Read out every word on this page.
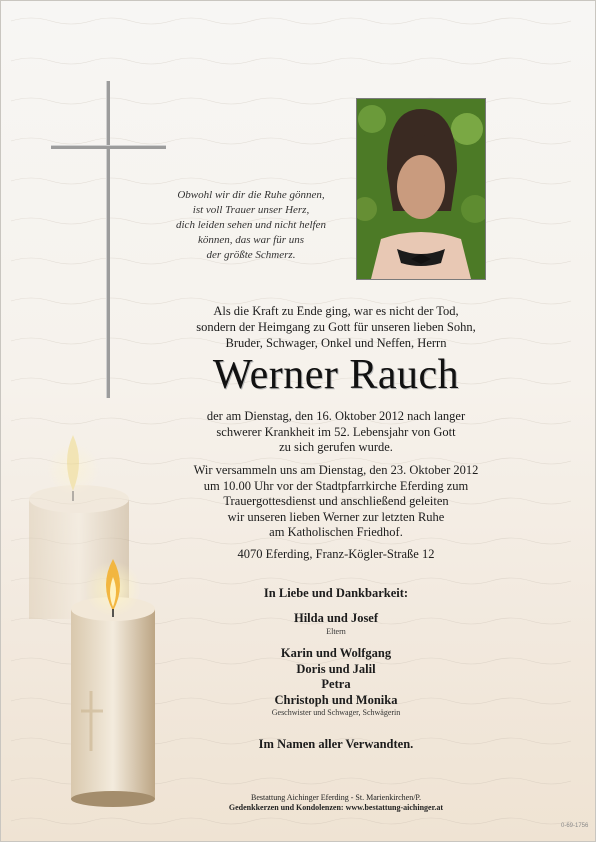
Obwohl wir dir die Ruhe gönnen,
ist voll Trauer unser Herz,
dich leiden sehen und nicht helfen
können, das war für uns
der größte Schmerz.
Als die Kraft zu Ende ging, war es nicht der Tod,
sondern der Heimgang zu Gott für unseren lieben Sohn,
Bruder, Schwager, Onkel und Neffen, Herrn
Werner Rauch
der am Dienstag, den 16. Oktober 2012 nach langer
schwerer Krankheit im 52. Lebensjahr von Gott
zu sich gerufen wurde.
Wir versammeln uns am Dienstag, den 23. Oktober 2012
um 10.00 Uhr vor der Stadtpfarrkirche Eferding zum
Trauergottesdienst und anschließend geleiten
wir unseren lieben Werner zur letzten Ruhe
am Katholischen Friedhof.
4070 Eferding, Franz-Kögler-Straße 12
In Liebe und Dankbarkeit:
Hilda und Josef
Eltern
Karin und Wolfgang
Doris und Jalil
Petra
Christoph und Monika
Geschwister und Schwager, Schwägerin
Im Namen aller Verwandten.
Bestattung Aichinger Eferding - St. Marienkirchen/P.
Gedenkkerzen und Kondolenzen: www.bestattung-aichinger.at
0-69-1756
